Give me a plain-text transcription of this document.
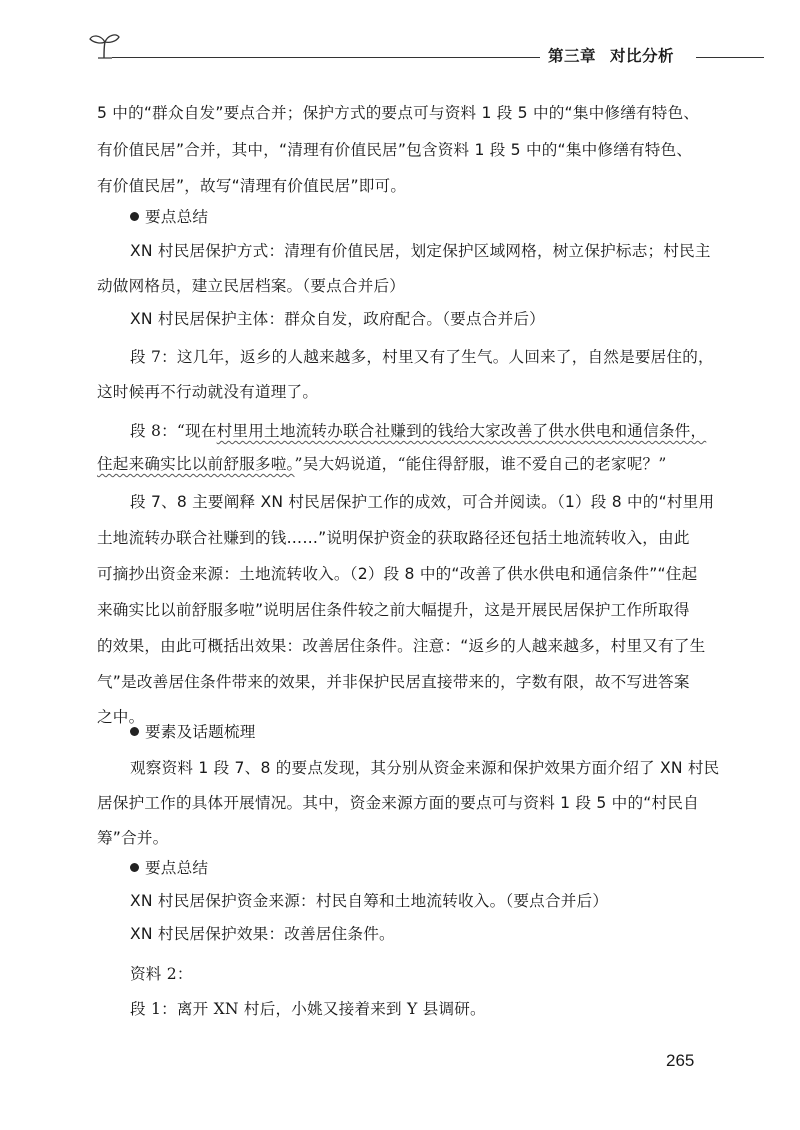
第三章 对比分析
5 中的“群众自发”要点合并；保护方式的要点可与资料 1 段 5 中的“集中修缮有特色、
有价值民居”合并，其中，“清理有价值民居”包含资料 1 段 5 中的“集中修缮有特色、
有价值民居”，故写“清理有价值民居”即可。
要点总结
XN 村民居保护方式：清理有价值民居，划定保护区域网格，树立保护标志；村民主
动做网格员，建立民居档案。（要点合并后）
XN 村民居保护主体：群众自发，政府配合。（要点合并后）
段 7：这几年，返乡的人越来越多，村里又有了生气。人回来了，自然是要居住的，
这时候再不行动就没有道理了。
段 8：“现在村里用土地流转办联合社赚到的钱给大家改善了供水供电和通信条件，
住起来确实比以前舒服多啦。”吴大妈说道，“能住得舒服，谁不爱自己的老家呢？”
段 7、8 主要阐释 XN 村民居保护工作的成效，可合并阅读。（1）段 8 中的“村里用
土地流转办联合社赚到的钱……”说明保护资金的获取路径还包括土地流转收入，由此
可摘抄出资金来源：土地流转收入。（2）段 8 中的“改善了供水供电和通信条件”“住起
来确实比以前舒服多啦”说明居住条件较之前大幅提升，这是开展民居保护工作所取得
的效果，由此可概括出效果：改善居住条件。注意：“返乡的人越来越多，村里又有了生
气”是改善居住条件带来的效果，并非保护民居直接带来的，字数有限，故不写进答案
之中。
要素及话题梳理
观察资料 1 段 7、8 的要点发现，其分别从资金来源和保护效果方面介绍了 XN 村民
居保护工作的具体开展情况。其中，资金来源方面的要点可与资料 1 段 5 中的“村民自
筹”合并。
要点总结
XN 村民居保护资金来源：村民自筹和土地流转收入。（要点合并后）
XN 村民居保护效果：改善居住条件。
资料 2：
段 1：离开 XN 村后，小姚又接着来到 Y 县调研。
265
